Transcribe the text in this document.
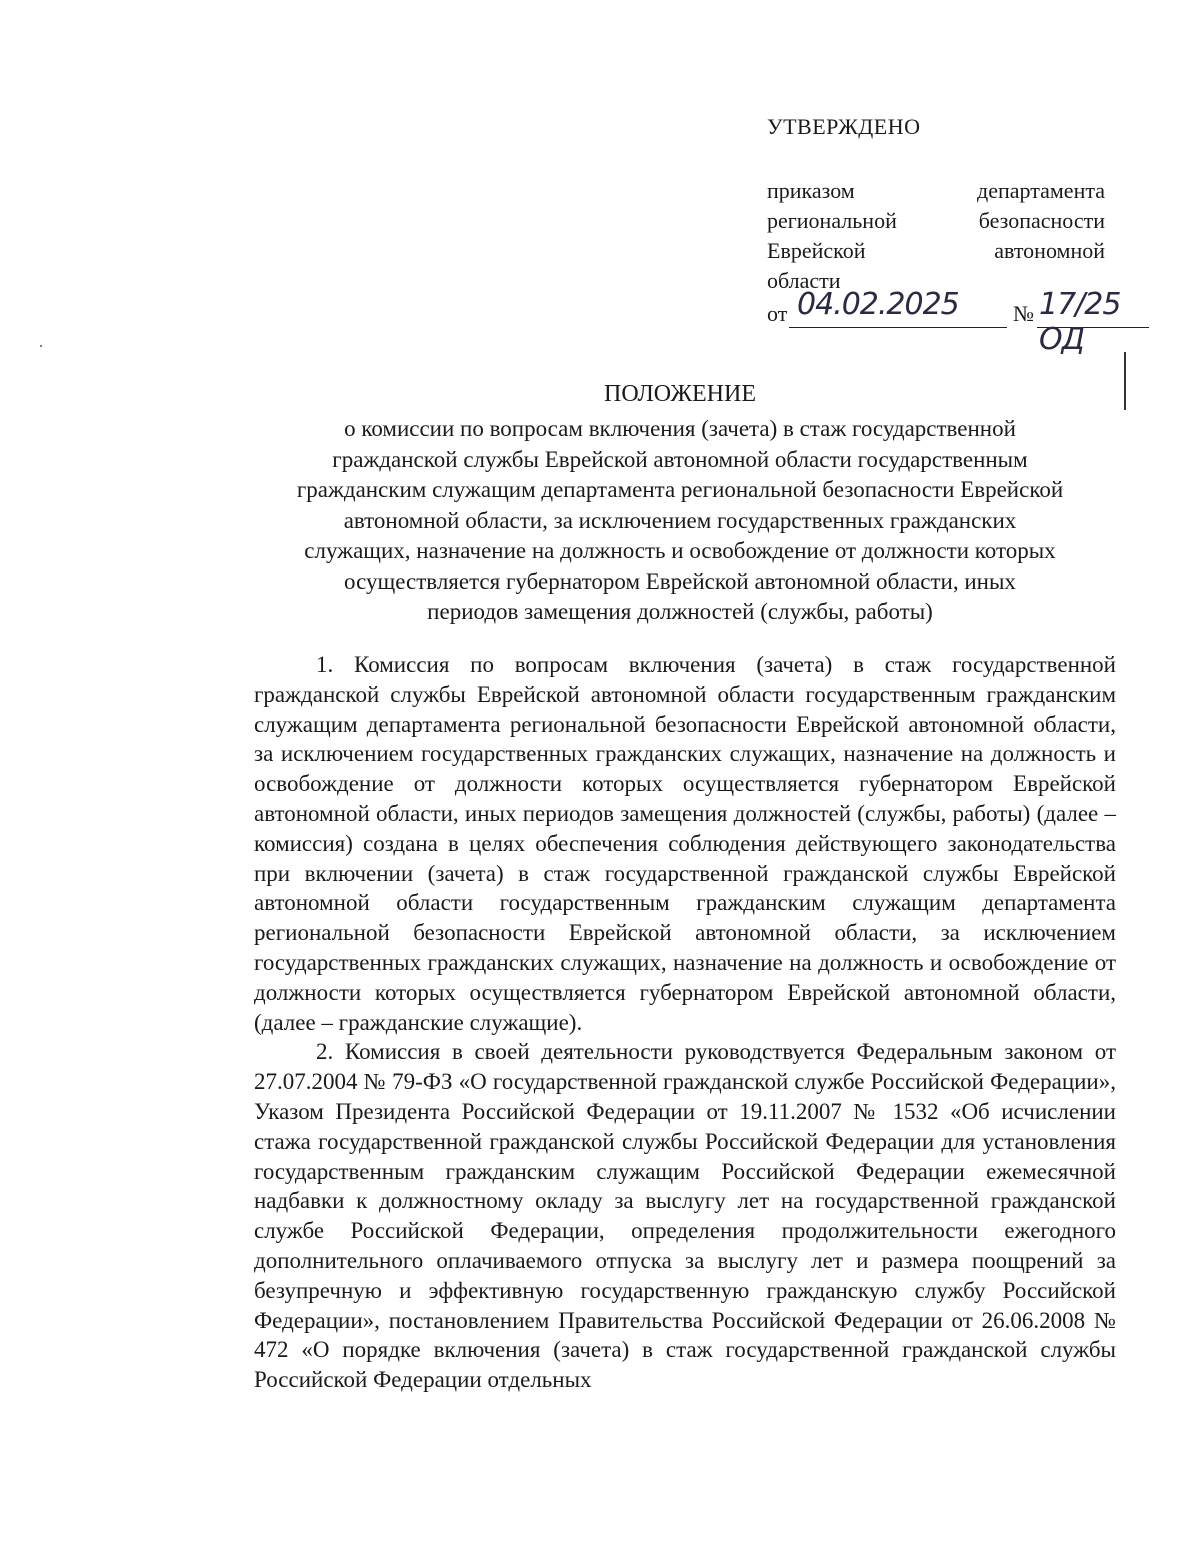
УТВЕРЖДЕНО
приказом департамента
региональной безопасности
Еврейской автономной
области
от 04.02.2025 № 17/25 ОД
ПОЛОЖЕНИЕ
о комиссии по вопросам включения (зачета) в стаж государственной
гражданской службы Еврейской автономной области государственным
гражданским служащим департамента региональной безопасности Еврейской
автономной области, за исключением государственных гражданских
служащих, назначение на должность и освобождение от должности которых
осуществляется губернатором Еврейской автономной области, иных
периодов замещения должностей (службы, работы)

1. Комиссия по вопросам включения (зачета) в стаж государственной гражданской службы Еврейской автономной области государственным гражданским служащим департамента региональной безопасности Еврейской автономной области, за исключением государственных гражданских служащих, назначение на должность и освобождение от должности которых осуществляется губернатором Еврейской автономной области, иных периодов замещения должностей (службы, работы) (далее – комиссия) создана в целях обеспечения соблюдения действующего законодательства при включении (зачета) в стаж государственной гражданской службы Еврейской автономной области государственным гражданским служащим департамента региональной безопасности Еврейской автономной области, за исключением государственных гражданских служащих, назначение на должность и освобождение от должности которых осуществляется губернатором Еврейской автономной области, (далее – гражданские служащие).

2. Комиссия в своей деятельности руководствуется Федеральным законом от 27.07.2004 № 79-ФЗ «О государственной гражданской службе Российской Федерации», Указом Президента Российской Федерации от 19.11.2007 № 1532 «Об исчислении стажа государственной гражданской службы Российской Федерации для установления государственным гражданским служащим Российской Федерации ежемесячной надбавки к должностному окладу за выслугу лет на государственной гражданской службе Российской Федерации, определения продолжительности ежегодного дополнительного оплачиваемого отпуска за выслугу лет и размера поощрений за безупречную и эффективную государственную гражданскую службу Российской Федерации», постановлением Правительства Российской Федерации от 26.06.2008 № 472 «О порядке включения (зачета) в стаж государственной гражданской службы Российской Федерации отдельных
